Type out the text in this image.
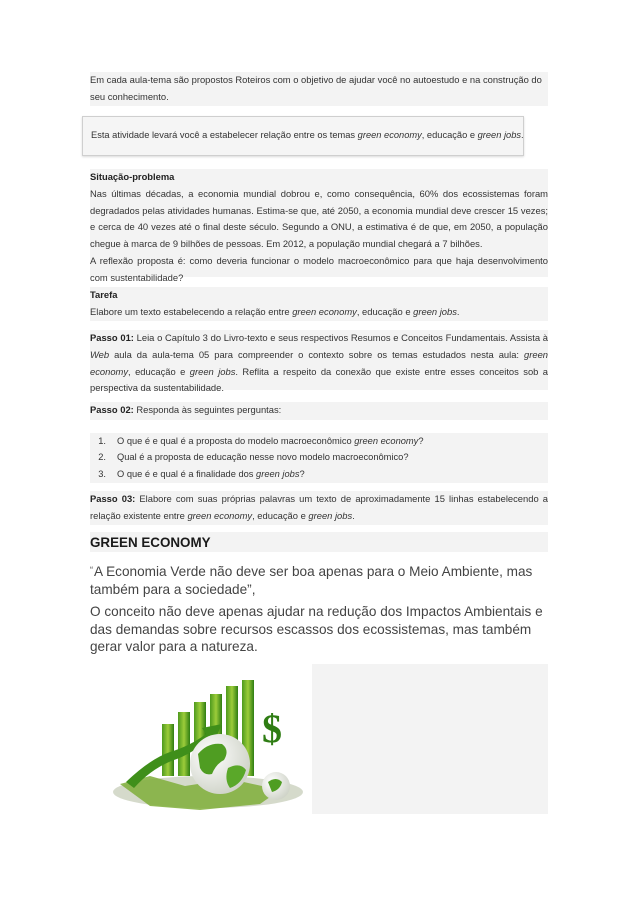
Em cada aula-tema são propostos Roteiros com o objetivo de ajudar você no autoestudo e na construção do seu conhecimento.

Esta atividade levará você a estabelecer relação entre os temas green economy, educação e green jobs.

Situação-problema

Nas últimas décadas, a economia mundial dobrou e, como consequência, 60% dos ecossistemas foram degradados pelas atividades humanas. Estima-se que, até 2050, a economia mundial deve crescer 15 vezes; e cerca de 40 vezes até o final deste século. Segundo a ONU, a estimativa é de que, em 2050, a população chegue à marca de 9 bilhões de pessoas. Em 2012, a população mundial chegará a 7 bilhões.

A reflexão proposta é: como deveria funcionar o modelo macroeconômico para que haja desenvolvimento com sustentabilidade?

Tarefa

Elabore um texto estabelecendo a relação entre green economy, educação e green jobs.

Passo 01: Leia o Capítulo 3 do Livro-texto e seus respectivos Resumos e Conceitos Fundamentais. Assista à Web aula da aula-tema 05 para compreender o contexto sobre os temas estudados nesta aula: green economy, educação e green jobs. Reflita a respeito da conexão que existe entre esses conceitos sob a perspectiva da sustentabilidade.

Passo 02: Responda às seguintes perguntas:

1. O que é e qual é a proposta do modelo macroeconômico green economy?
2. Qual é a proposta de educação nesse novo modelo macroeconômico?
3. O que é e qual é a finalidade dos green jobs?

Passo 03: Elabore com suas próprias palavras um texto de aproximadamente 15 linhas estabelecendo a relação existente entre green economy, educação e green jobs.

GREEN ECONOMY

“A Economia Verde não deve ser boa apenas para o Meio Ambiente, mas também para a sociedade”,

O conceito não deve apenas ajudar na redução dos Impactos Ambientais e das demandas sobre recursos escassos dos ecossistemas, mas também gerar valor para a natureza.

$
